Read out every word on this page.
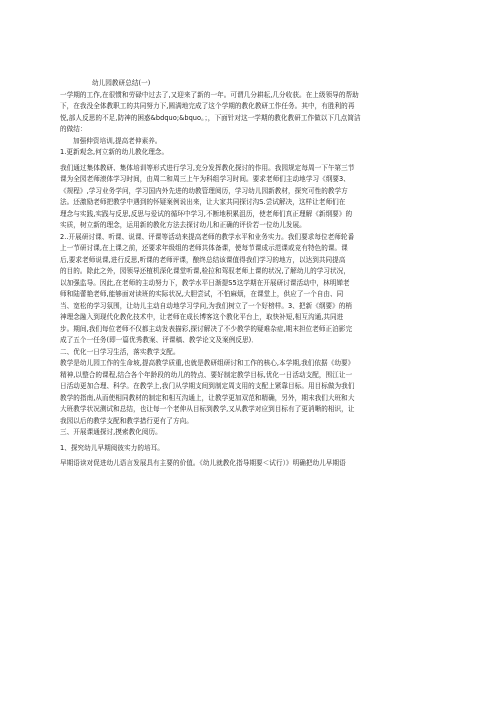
幼儿园教研总结(一)
一学期的工作,在很惯和劳碌中过去了,又迎来了新的一年。可谓几分耕耘,几分收获。在上级领导的帮助
下，在我没全体教职工的共同努力下,圆满地完成了这个学期的教化教研工作任务。其中，有胜利的再
悦,部人反思的不足,防神的困惑&bdquo;&bquo。；，下面针对这一学期的教化教研工作做以下几点简洁
的做结：
加强伸资培训,提高老伸素养。
1.更新观念,何立新的幼儿教化理念。
我们通过集体教研、集体培训等形式进行学习,充分发挥教化探讨的作用。我园规定每周一下午第三节
课为全园老师滚体学习时间，由周二和周三上午为科组学习时间。要求老师们主动地学习《纲要3、
《规程》,学习业务学问，学习国内外先进的幼教管理阅历，学习幼儿园新教材，探究可性的教学方
法。还激励老师把教学中遇到的怀疑案例说出来，让大家共同探讨沟S.尝试解决，这样让老师们在
理念与实践,实践与反思,反思与爱试的循环中学习,不断地积累沮历，使老师们真正理解《新纲要》的
实质，树立新的理念，运用新的教化方法去探讨幼儿和正确的评价若一位幼儿发展。
2..开展研讨课、听课、说课、评课等活动来提高老师的教学水平和业务实力。我们要求每位老师轮番
上一节研讨课,在上课之前，还要求年级组的老师共体备课，使每节课成示范课或竞有特色的课。课
后,要求老师说课,进行反思,听课的老师评课，酿终总结该课值得我们学习的地方，以达到共同提高
的目的。除此之外，园领导还植机深化课堂听课,检拉和驾驭老师上课的状况,了解幼儿的学习状况，
以加强监导。因此,在老师的主动努力下，教学水平日渐提S5这学期在开展研讨课活动中，林明婵老
师和陆蕾艳老师,能够面对读班的实际状况,大胆尝试，不怕麻烦，在课堂上，供应了一个自由、同
当、宽松的学习氛围，让幼儿主动自动地学习学问,为我们树立了一个好榜样。3、把新《纲要》的梢
神理念融入到现代化教化技术中，让老师在成长博客这个教化平台上，取快补短,相互沟通,共同进
步。期间,我们每位老师不仅都主动发表描彩,探讨解决了不少教学的疑难杂症,期末担位老师正泊影完
成了五个一任务(即一篇优秀教案、评课稿、教学论文及案例反思)．
二、优化一日学习生活，落实教学支配。
教学是幼儿园工作的生命坡,提高教学质重,也就是教研组研讨和工作的核心,本学期,我们依据《幼要》
精神,以整合的课程,结合各个年龄段的幼儿的特点、要好制定教学目标,优化一日活动支配，围江让一
日活动更加合理、科学。在教学上,我门从学期支间到制定周支用的支配上紧靠目标。用目标做为我们
教学的指南,从而使相同教材的制定和相互沟通上，让教学更加双范和精确，另外，期末我们大班和大
大班教学状况测试和总结，也让每一个老伸从目标到教学,又从教学对应到目标有了更消晰的相识，让
我园以后的教学支配和教学措行更有了方向。
三、开展课通探讨,摸索教化阅历。
1、探究幼儿早期阅彼实力的培耳。
早期语读对促进幼儿语言发展具有主要的价值。《幼儿就教化指导期要＜试行）》明确把幼儿早期语
